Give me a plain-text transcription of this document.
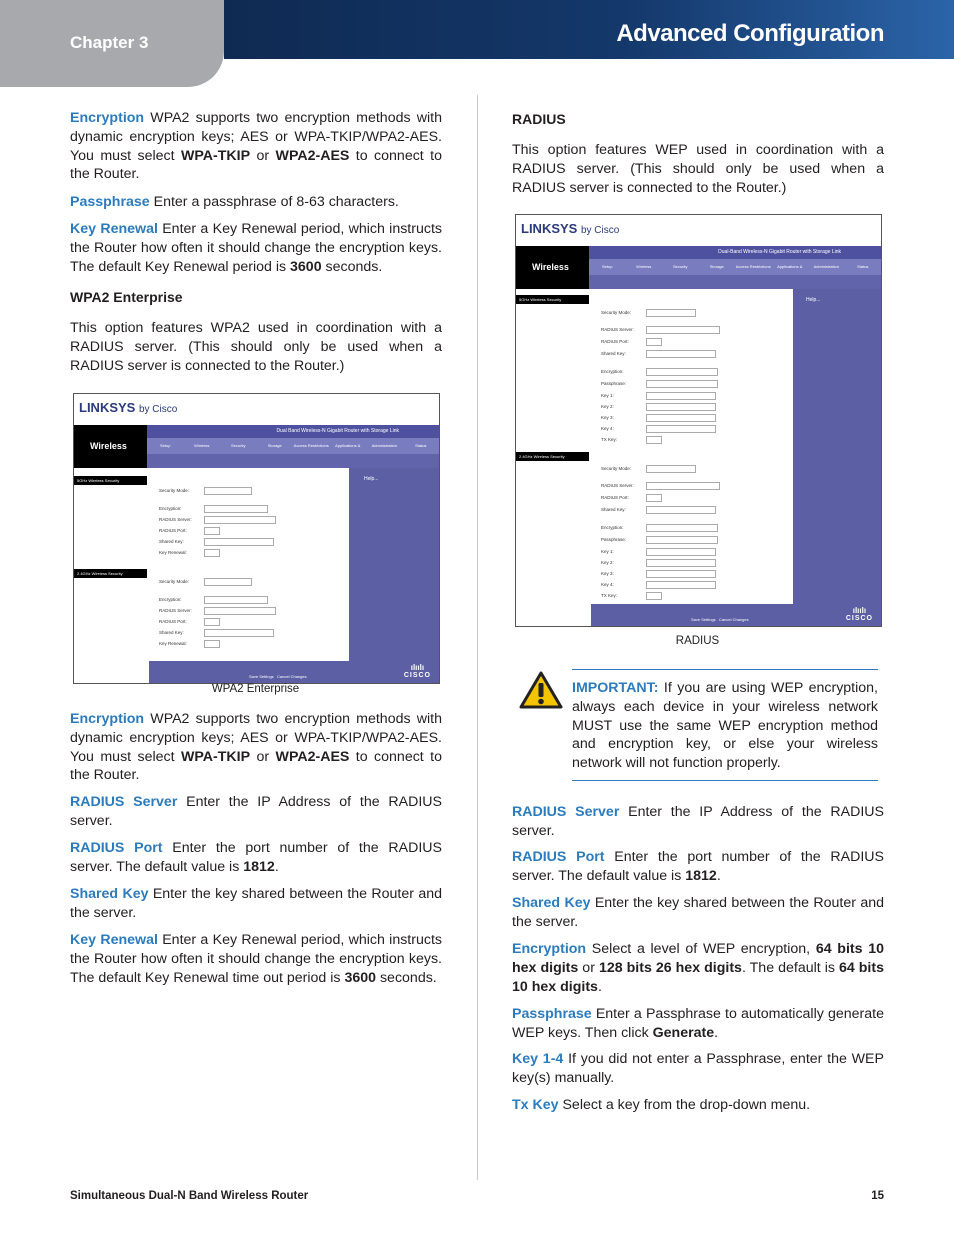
Chapter 3	Advanced Configuration

Encryption WPA2 supports two encryption methods with dynamic encryption keys; AES or WPA-TKIP/WPA2-AES. You must select WPA-TKIP or WPA2-AES to connect to the Router.

Passphrase Enter a passphrase of 8-63 characters.

Key Renewal Enter a Key Renewal period, which instructs the Router how often it should change the encryption keys. The default Key Renewal period is 3600 seconds.

WPA2 Enterprise

This option features WPA2 used in coordination with a RADIUS server. (This should only be used when a RADIUS server is connected to the Router.)

LINKSYS by Cisco
Wireless
Dual Band Wireless-N Gigabit Router with Storage Link
Setup	Wireless	Security	Storage	Access Restrictions	Applications &	Administration	Status
5GHz Wireless Security
2.4GHz Wireless Security
Security Mode:
Encryption:
RADIUS Server:
RADIUS Port:
Shared Key:
Key Renewal:
Security Mode:
Encryption:
RADIUS Server:
RADIUS Port:
Shared Key:
Key Renewal:
Help...
Save Settings Cancel Changes
ılıılı
CISCO

WPA2 Enterprise

Encryption WPA2 supports two encryption methods with dynamic encryption keys; AES or WPA-TKIP/WPA2-AES. You must select WPA-TKIP or WPA2-AES to connect to the Router.

RADIUS Server Enter the IP Address of the RADIUS server.

RADIUS Port Enter the port number of the RADIUS server. The default value is 1812.

Shared Key Enter the key shared between the Router and the server.

Key Renewal Enter a Key Renewal period, which instructs the Router how often it should change the encryption keys. The default Key Renewal time out period is 3600 seconds.

RADIUS

This option features WEP used in coordination with a RADIUS server. (This should only be used when a RADIUS server is connected to the Router.)

LINKSYS by Cisco
Wireless
Dual-Band Wireless-N Gigabit Router with Storage Link
Setup	Wireless	Security	Storage	Access Restrictions	Applications &	Administration	Status
5GHz Wireless Security
2.4GHz Wireless Security
Security Mode:
RADIUS Server:
RADIUS Port:
Shared Key:
Encryption:
Passphrase:
Key 1:
Key 2:
Key 3:
Key 4:
TX Key:
Security Mode:
RADIUS Server:
RADIUS Port:
Shared Key:
Encryption:
Passphrase:
Key 1:
Key 2:
Key 3:
Key 4:
TX Key:
Help...
Save Settings Cancel Changes
ılıılı
CISCO

RADIUS

IMPORTANT: If you are using WEP encryption, always each device in your wireless network MUST use the same WEP encryption method and encryption key, or else your wireless network will not function properly.

RADIUS Server Enter the IP Address of the RADIUS server.

RADIUS Port Enter the port number of the RADIUS server. The default value is 1812.

Shared Key Enter the key shared between the Router and the server.

Encryption Select a level of WEP encryption, 64 bits 10 hex digits or 128 bits 26 hex digits. The default is 64 bits 10 hex digits.

Passphrase Enter a Passphrase to automatically generate WEP keys. Then click Generate.

Key 1-4 If you did not enter a Passphrase, enter the WEP key(s) manually.

Tx Key Select a key from the drop-down menu.

Simultaneous Dual-N Band Wireless Router	15
